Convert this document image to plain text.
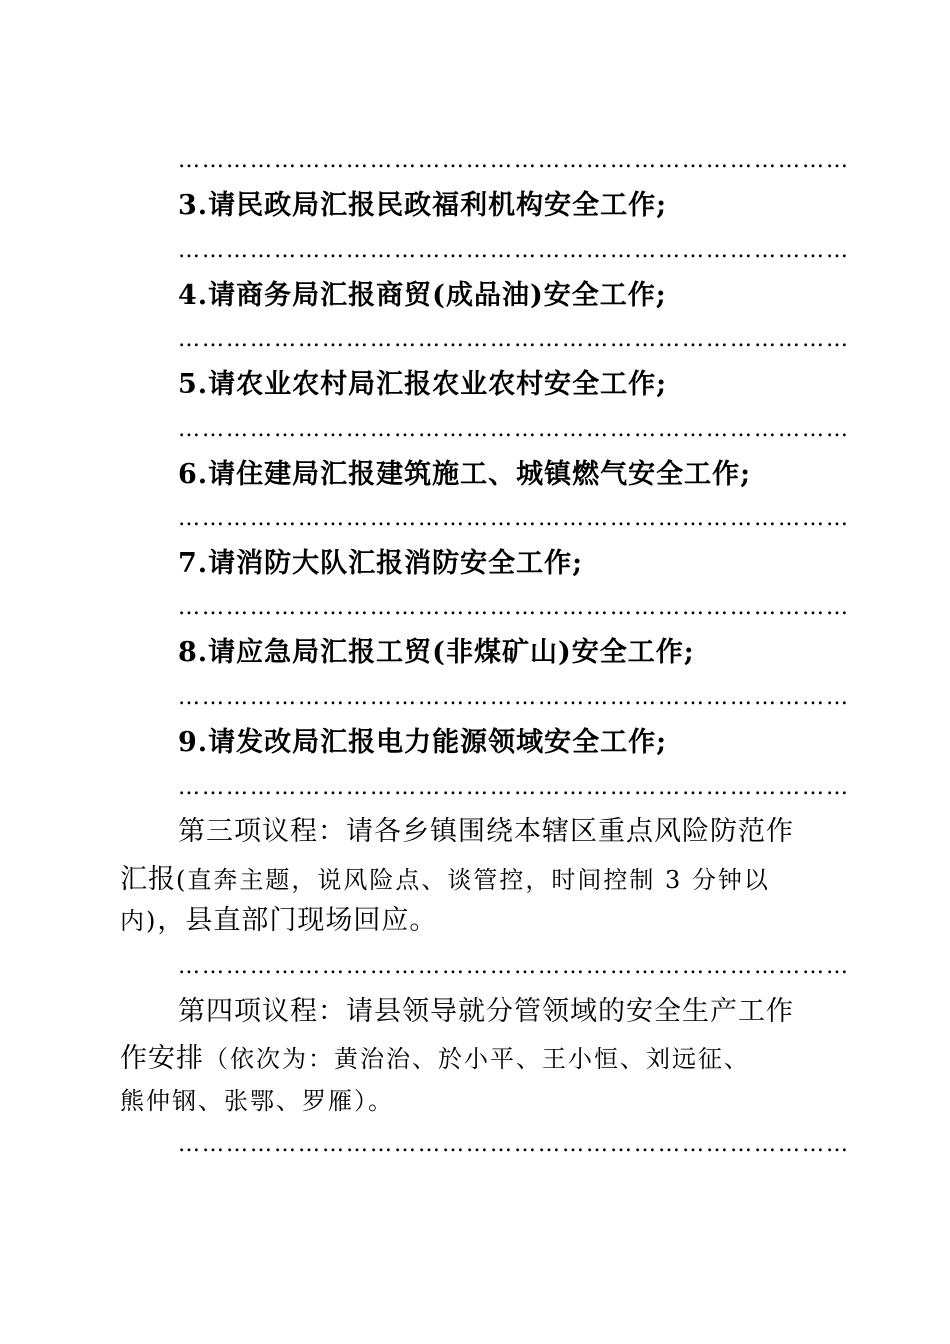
…………………………………………………………………………
3.请民政局汇报民政福利机构安全工作;
…………………………………………………………………………
4.请商务局汇报商贸(成品油)安全工作;
…………………………………………………………………………
5.请农业农村局汇报农业农村安全工作;
…………………………………………………………………………
6.请住建局汇报建筑施工、城镇燃气安全工作;
…………………………………………………………………………
7.请消防大队汇报消防安全工作;
…………………………………………………………………………
8.请应急局汇报工贸(非煤矿山)安全工作;
…………………………………………………………………………
9.请发改局汇报电力能源领域安全工作;
…………………………………………………………………………
第三项议程：请各乡镇围绕本辖区重点风险防范作
汇报(直奔主题，说风险点、谈管控，时间控制 3 分钟以
内)，县直部门现场回应。
…………………………………………………………………………
第四项议程：请县领导就分管领域的安全生产工作
作安排（依次为：黄治治、於小平、王小恒、刘远征、
熊仲钢、张鄂、罗雁）。
…………………………………………………………………………
